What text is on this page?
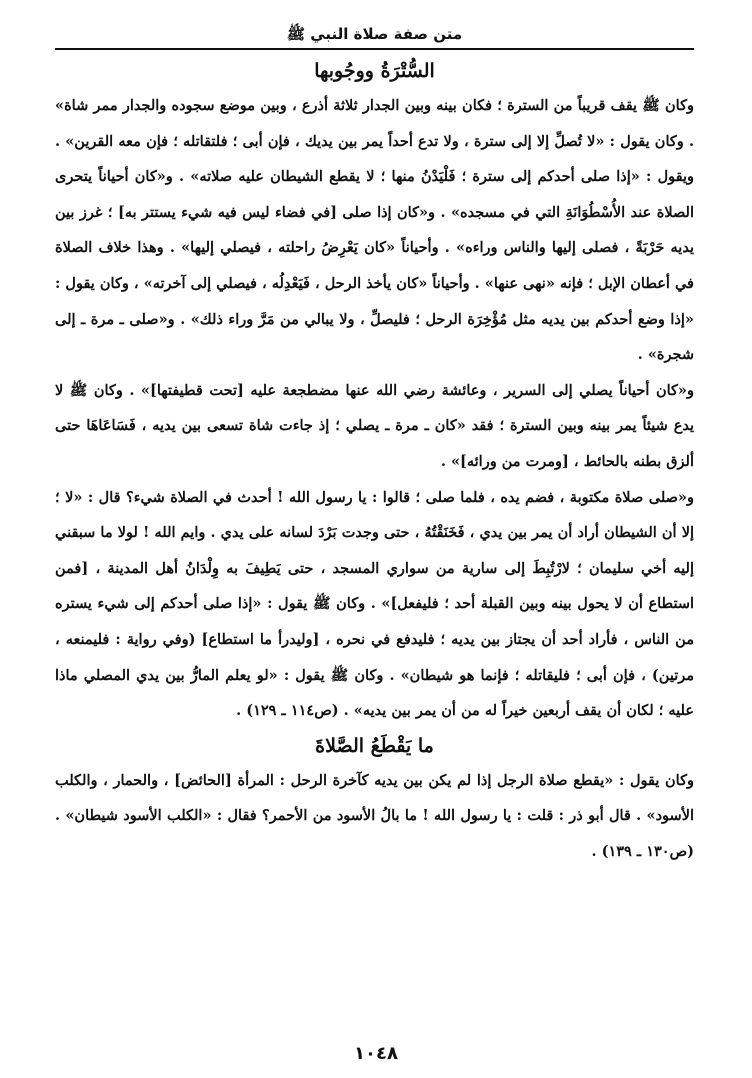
متن صفة صلاة النبي ﷺ
السُّتْرَةُ ووجُوبها

وكان ﷺ يقف قريباً من السترة ؛ فكان بينه وبين الجدار ثلاثة أذرع ، وبين موضع سجوده والجدار ممر شاة» . وكان يقول : «لا تُصلِّ إلا إلى سترة ، ولا تدع أحداً يمر بين يديك ، فإن أبى ؛ فلتقاتله ؛ فإن معه القرين» . ويقول : «إذا صلى أحدكم إلى سترة ؛ فَلْيَدْنُ منها ؛ لا يقطع الشيطان عليه صلاته» . و«كان أحياناً يتحرى الصلاة عند الأُسْطُوَانَةِ التي في مسجده» . و«كان إذا صلى [في فضاء ليس فيه شيء يستتر به] ؛ غرز بين يديه حَرْبَةً ، فصلى إليها والناس وراءه» . وأحياناً «كان يَعْرِضُ راحلته ، فيصلي إليها» . وهذا خلاف الصلاة في أعطان الإبل ؛ فإنه «نهى عنها» . وأحياناً «كان يأخذ الرحل ، فَيَعْدِلُه ، فيصلي إلى آخرته» ، وكان يقول : «إذا وضع أحدكم بين يديه مثل مُؤْخِرَة الرحل ؛ فليصلِّ ، ولا يبالي من مَرَّ وراء ذلك» . و«صلى ـ مرة ـ إلى شجرة» .

و«كان أحياناً يصلي إلى السرير ، وعائشة رضي الله عنها مضطجعة عليه [تحت قطيفتها]» . وكان ﷺ لا يدع شيئاً يمر بينه وبين السترة ؛ فقد «كان ـ مرة ـ يصلي ؛ إذ جاءت شاة تسعى بين يديه ، فَسَاعَاهَا حتى ألزق بطنه بالحائط ، [ومرت من ورائه]» .

و«صلى صلاة مكتوبة ، فضم يده ، فلما صلى ؛ قالوا : يا رسول الله ! أحدث في الصلاة شيء؟ قال : «لا ؛ إلا أن الشيطان أراد أن يمر بين يدي ، فَخَنَقْتُهُ ، حتى وجدت بَرْدَ لسانه على يدي . وايم الله ! لولا ما سبقني إليه أخي سليمان ؛ لارْتُبِطَ إلى سارية من سواري المسجد ، حتى يَطِيفَ به وِلْدَانُ أهل المدينة ، [فمن استطاع أن لا يحول بينه وبين القبلة أحد ؛ فليفعل]» . وكان ﷺ يقول : «إذا صلى أحدكم إلى شيء يستره من الناس ، فأراد أحد أن يجتاز بين يديه ؛ فليدفع في نحره ، [وليدرأ ما استطاع] (وفي رواية : فليمنعه ، مرتين) ، فإن أبى ؛ فليقاتله ؛ فإنما هو شيطان» . وكان ﷺ يقول : «لو يعلم المارُّ بين يدي المصلي ماذا عليه ؛ لكان أن يقف أربعين خيراً له من أن يمر بين يديه» . (ص١١٤ ـ ١٢٩) .

ما يَقْطَعُ الصَّلاةَ

وكان يقول : «يقطع صلاة الرجل إذا لم يكن بين يديه كآخرة الرحل : المرأة [الحائض] ، والحمار ، والكلب الأسود» . قال أبو ذر : قلت : يا رسول الله ! ما بالُ الأسود من الأحمر؟ فقال : «الكلب الأسود شيطان» . (ص١٣٠ ـ ١٣٩) .

١٠٤٨
